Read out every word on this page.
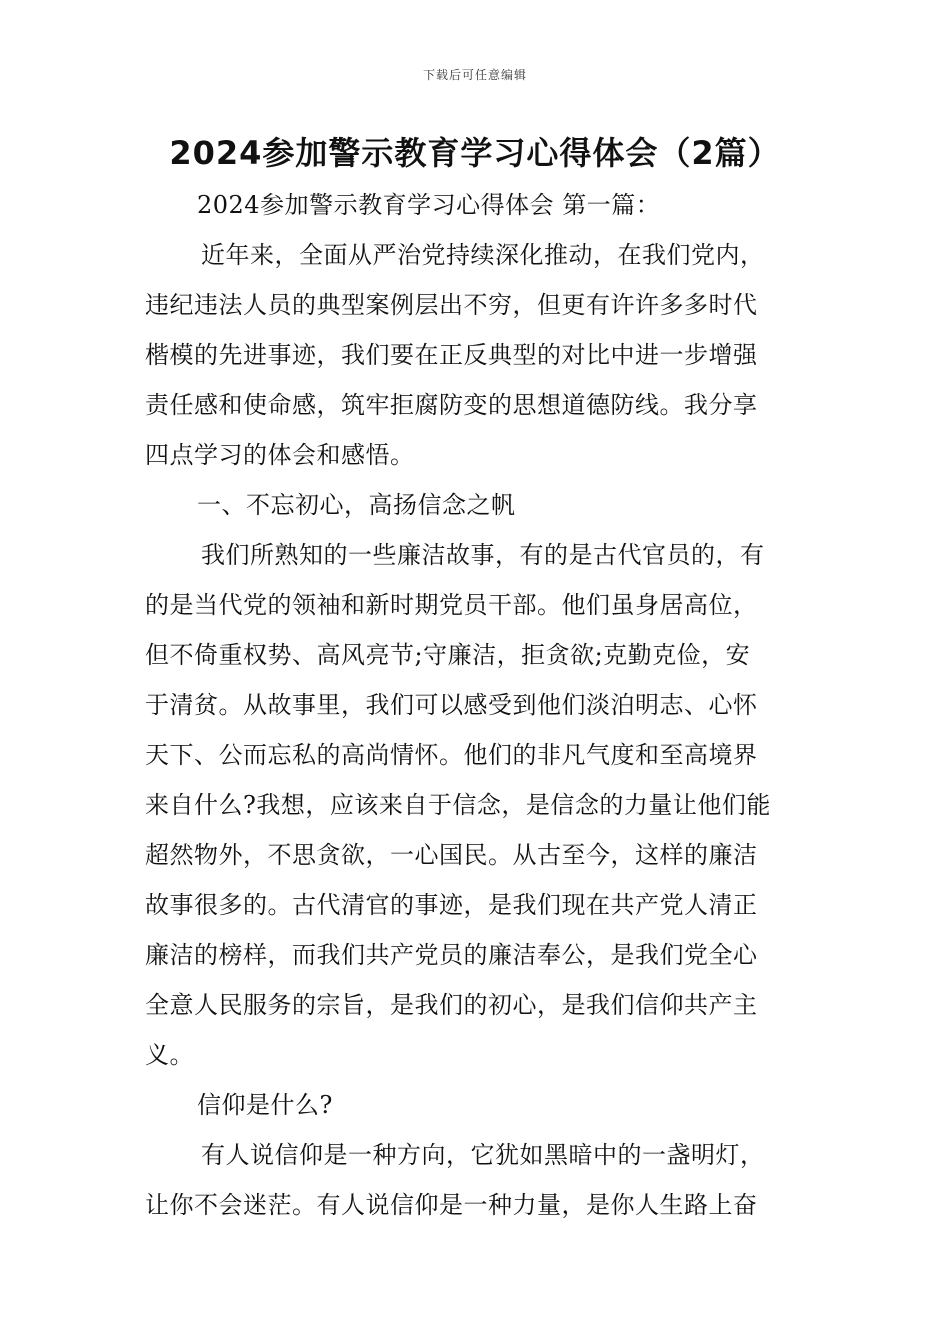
下载后可任意编辑
2024参加警示教育学习心得体会（2篇）

2024参加警示教育学习心得体会 第一篇：

近年来，全面从严治党持续深化推动，在我们党内，

违纪违法人员的典型案例层出不穷，但更有许许多多时代

楷模的先进事迹，我们要在正反典型的对比中进一步增强

责任感和使命感，筑牢拒腐防变的思想道德防线。我分享

四点学习的体会和感悟。

一、不忘初心，高扬信念之帆

我们所熟知的一些廉洁故事，有的是古代官员的，有

的是当代党的领袖和新时期党员干部。他们虽身居高位，

但不倚重权势、高风亮节;守廉洁，拒贪欲;克勤克俭，安

于清贫。从故事里，我们可以感受到他们淡泊明志、心怀

天下、公而忘私的高尚情怀。他们的非凡气度和至高境界

来自什么?我想，应该来自于信念，是信念的力量让他们能

超然物外，不思贪欲，一心国民。从古至今，这样的廉洁

故事很多的。古代清官的事迹，是我们现在共产党人清正

廉洁的榜样，而我们共产党员的廉洁奉公，是我们党全心

全意人民服务的宗旨，是我们的初心，是我们信仰共产主

义。

信仰是什么?

有人说信仰是一种方向，它犹如黑暗中的一盏明灯，

让你不会迷茫。有人说信仰是一种力量，是你人生路上奋
